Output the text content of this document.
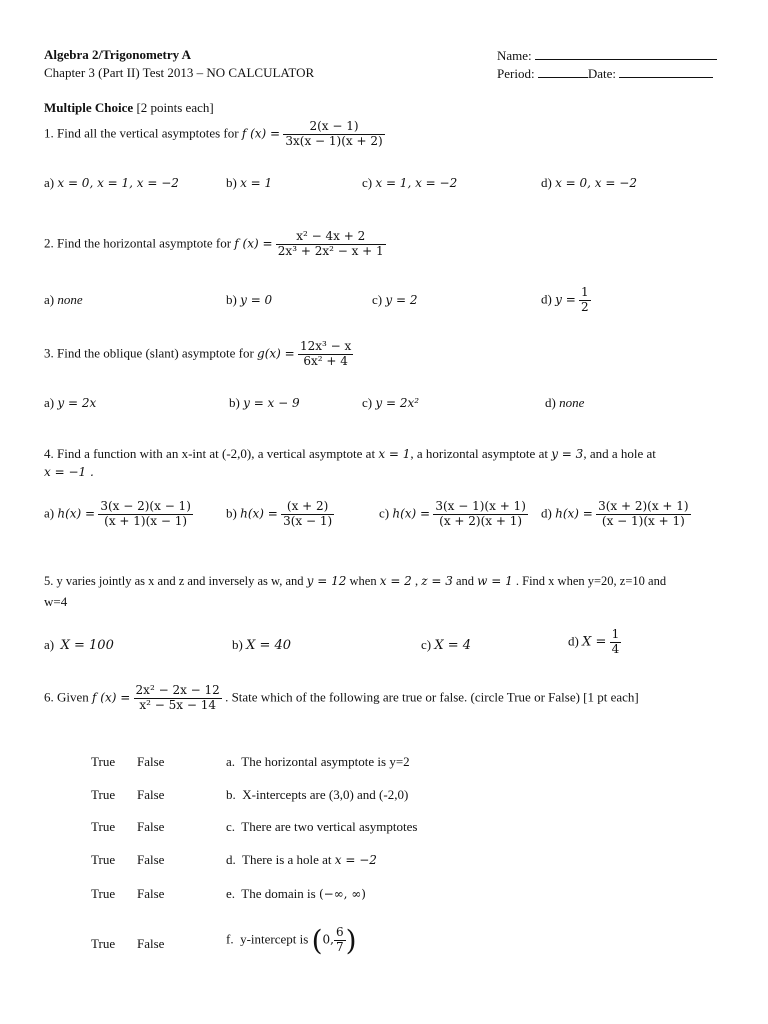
Algebra 2/Trigonometry A
Chapter 3 (Part II) Test 2013 – NO CALCULATOR
Name:
Period:	Date:
Multiple Choice [2 points each]
1. Find all the vertical asymptotes for f $(x) = \frac{2(x - 1)}{3x(x - 1)(x + 2)}$
a) x = 0, x = 1, x = −2	b) x = 1	c) x = 1, x = −2	d) x = 0, x = −2
2. Find the horizontal asymptote for f $(x) = \frac{\text{x² − 4x + 2}}{\text{2x³ + 2x² − x + 1}}$
a) none	b) y = 0	c) y = 2	d) $y = \frac{1}{2}$
3. Find the oblique (slant) asymptote for $g(x) = \frac{\text{12x³ − x}}{\text{6x² + 4}}$
a) y = 2x	b) y = x − 9	c) y = 2x²	d) none
4. Find a function with an x-int at (-2,0), a vertical asymptote at x = 1, a horizontal asymptote at y = 3, and a hole at
x = −1 .
a) $h(x) = \frac{3(x - 2)(x - 1)}{(x + 1)(x - 1)}$	b) $h(x) = \frac{(x + 2)}{3(x - 1)}$	c) $h(x) = \frac{3(x - 1)(x + 1)}{(x + 2)(x + 1)} d$) $h(x) = \frac{3(x + 2)(x + 1)}{(x - 1)(x + 1)}$
5. y varies jointly as x and z and inversely as w, and y = 12 when x = 2 , z = 3 and w = 1 . Find x when y=20, z=10 and
w=4
a) X = 100	b) X = 40	c) X = 4	d) $X = \frac{1}{4}$
6. Given f $(x) = \frac{\text{2x² − 2x − 12}}{\text{x² − 5x − 14}}$ . State which of the following are true or false. (circle True or False) [1 pt each]
True False	a. The horizontal asymptote is y=2
True False	b. X-intercepts are (3,0) and (-2,0)
True False	c. There are two vertical asymptotes
True False	d. There is a hole at x = −2
True False	e. The domain is (−∞, ∞)
True False	f. y-intercept is (0, $\frac{6}{7}$ )
